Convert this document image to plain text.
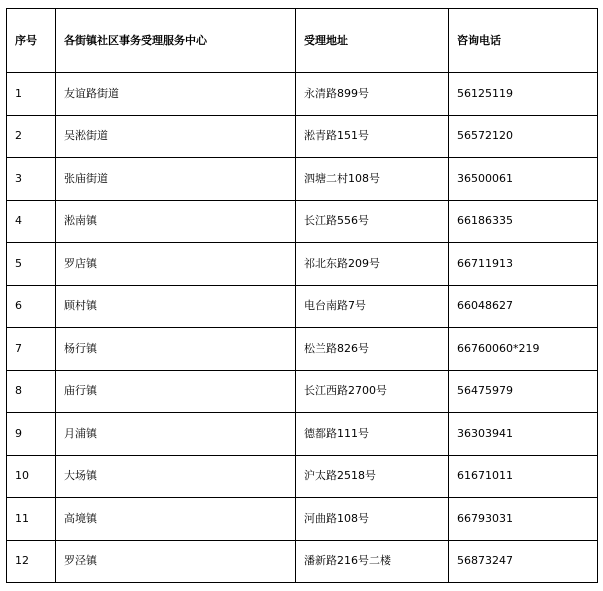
序号	各街镇社区事务受理服务中心	受理地址	咨询电话
1	友谊路街道	永清路899号	56125119
2	吴淞街道	淞青路151号	56572120
3	张庙街道	泗塘二村108号	36500061
4	淞南镇	长江路556号	66186335
5	罗店镇	祁北东路209号	66711913
6	顾村镇	电台南路7号	66048627
7	杨行镇	松兰路826号	66760060*219
8	庙行镇	长江西路2700号	56475979
9	月浦镇	德都路111号	36303941
10	大场镇	沪太路2518号	61671011
11	高境镇	河曲路108号	66793031
12	罗泾镇	潘新路216号二楼	56873247
